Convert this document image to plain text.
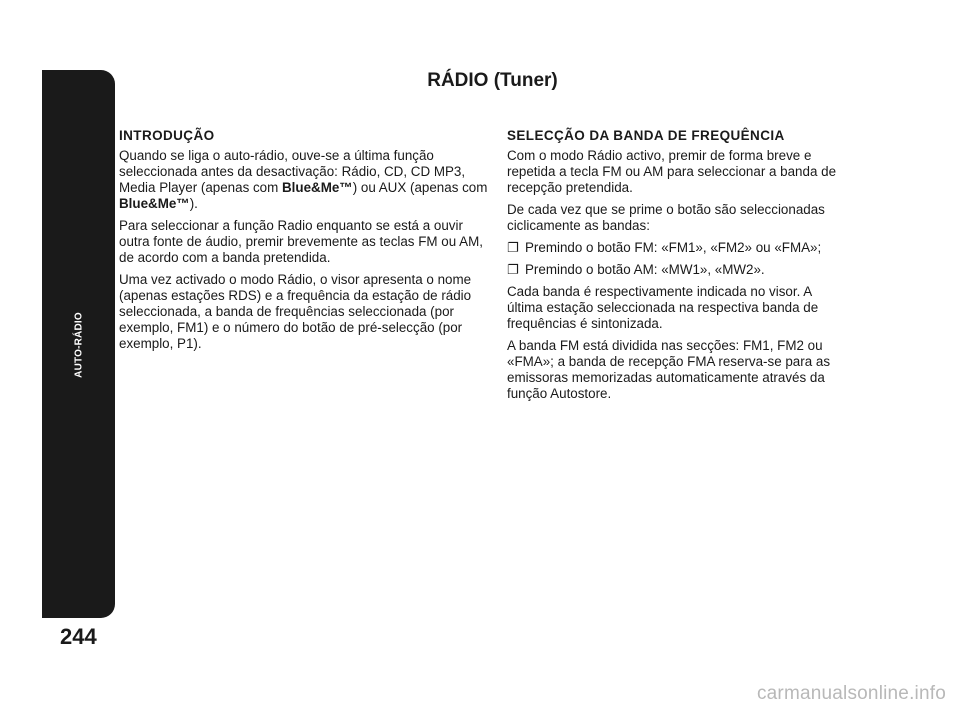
AUTO-RÁDIO
244
RÁDIO (Tuner)
INTRODUÇÃO

Quando se liga o auto-rádio, ouve-se a última função seleccionada antes da desactivação: Rádio, CD, CD MP3, Media Player (apenas com Blue&Me™) ou AUX (apenas com Blue&Me™).

Para seleccionar a função Radio enquanto se está a ouvir outra fonte de áudio, premir brevemente as teclas FM ou AM, de acordo com a banda pretendida.

Uma vez activado o modo Rádio, o visor apresenta o nome (apenas estações RDS) e a frequência da estação de rádio seleccionada, a banda de frequências seleccionada (por exemplo, FM1) e o número do botão de pré-selecção (por exemplo, P1).

SELECÇÃO DA BANDA DE FREQUÊNCIA

Com o modo Rádio activo, premir de forma breve e repetida a tecla FM ou AM para seleccionar a banda de recepção pretendida.

De cada vez que se prime o botão são seleccionadas ciclicamente as bandas:

❐ Premindo o botão FM: «FM1», «FM2» ou «FMA»;

❐ Premindo o botão AM: «MW1», «MW2».

Cada banda é respectivamente indicada no visor. A última estação seleccionada na respectiva banda de frequências é sintonizada.

A banda FM está dividida nas secções: FM1, FM2 ou «FMA»; a banda de recepção FMA reserva-se para as emissoras memorizadas automaticamente através da função Autostore.

carmanualsonline.info
